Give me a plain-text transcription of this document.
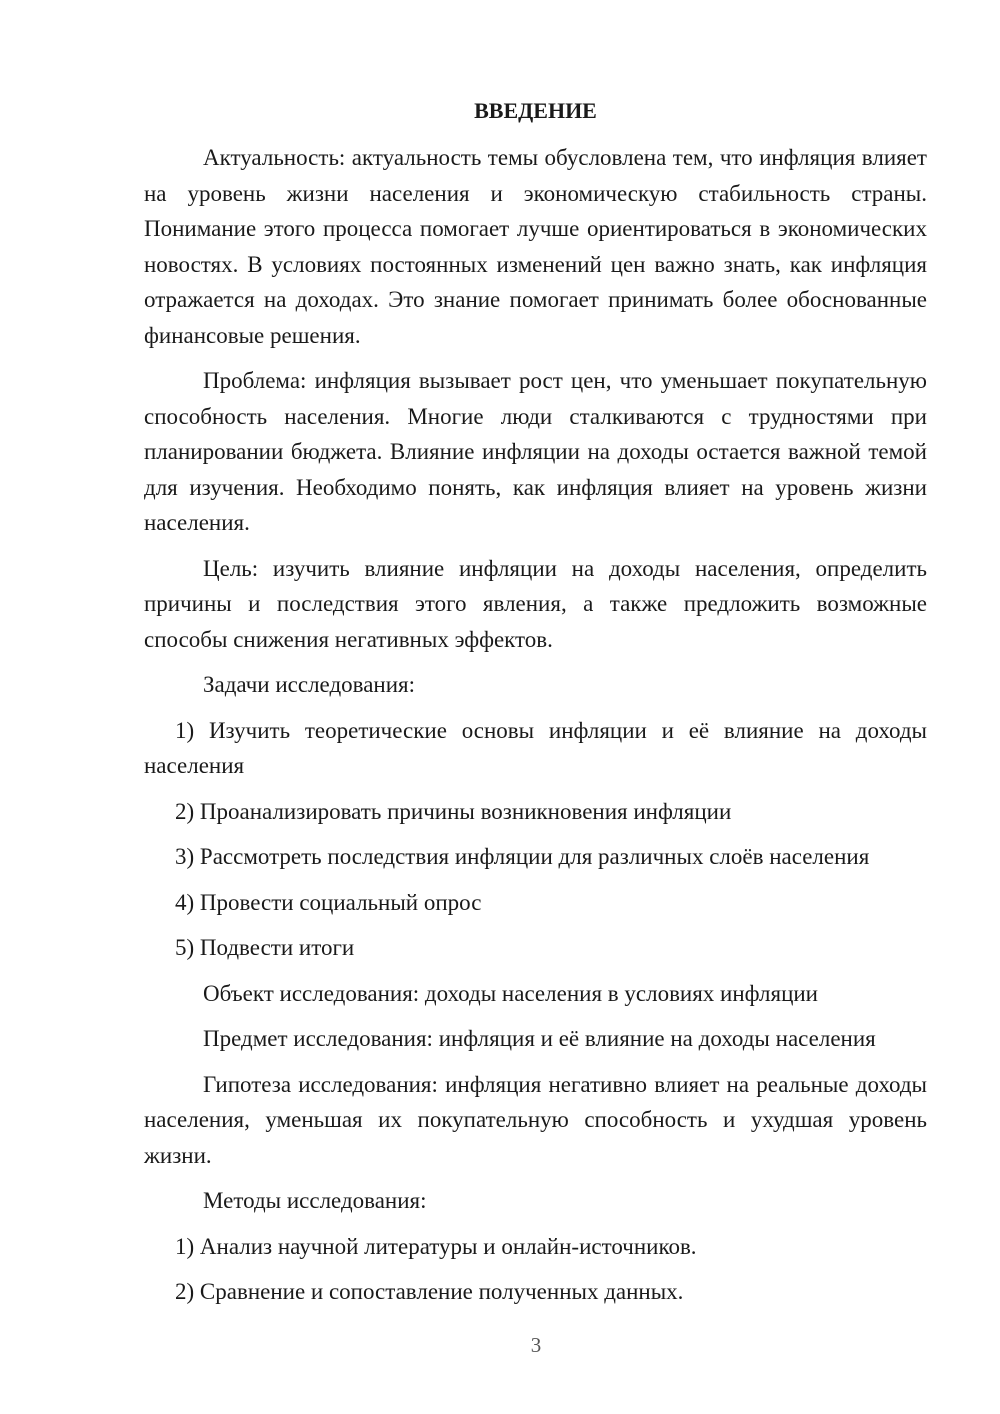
ВВЕДЕНИЕ

Актуальность: актуальность темы обусловлена тем, что инфляция влияет на уровень жизни населения и экономическую стабильность страны. Понимание этого процесса помогает лучше ориентироваться в экономических новостях. В условиях постоянных изменений цен важно знать, как инфляция отражается на доходах. Это знание помогает принимать более обоснованные финансовые решения.

Проблема: инфляция вызывает рост цен, что уменьшает покупательную способность населения. Многие люди сталкиваются с трудностями при планировании бюджета. Влияние инфляции на доходы остается важной темой для изучения. Необходимо понять, как инфляция влияет на уровень жизни населения.

Цель: изучить влияние инфляции на доходы населения, определить причины и последствия этого явления, а также предложить возможные способы снижения негативных эффектов.

Задачи исследования:

1) Изучить теоретические основы инфляции и её влияние на доходы населения

2) Проанализировать причины возникновения инфляции

3) Рассмотреть последствия инфляции для различных слоёв населения

4) Провести социальный опрос

5) Подвести итоги

Объект исследования: доходы населения в условиях инфляции

Предмет исследования: инфляция и её влияние на доходы населения

Гипотеза исследования: инфляция негативно влияет на реальные доходы населения, уменьшая их покупательную способность и ухудшая уровень жизни.

Методы исследования:

1) Анализ научной литературы и онлайн-источников.

2) Сравнение и сопоставление полученных данных.

3
